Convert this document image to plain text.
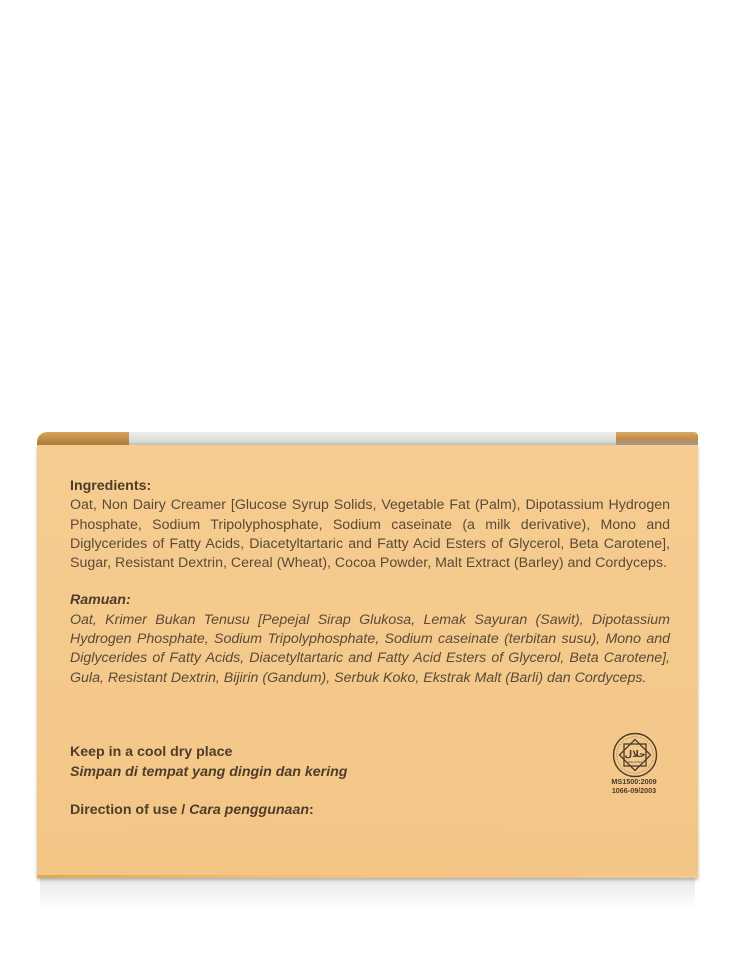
Ingredients:
Oat, Non Dairy Creamer [Glucose Syrup Solids, Vegetable Fat (Palm), Dipotassium Hydrogen Phosphate, Sodium Tripolyphosphate, Sodium caseinate (a milk derivative), Mono and Diglycerides of Fatty Acids, Diacetyltartaric and Fatty Acid Esters of Glycerol, Beta Carotene], Sugar, Resistant Dextrin, Cereal (Wheat), Cocoa Powder, Malt Extract (Barley) and Cordyceps.
Ramuan:
Oat, Krimer Bukan Tenusu [Pepejal Sirap Glukosa, Lemak Sayuran (Sawit), Dipotassium Hydrogen Phosphate, Sodium Tripolyphosphate, Sodium caseinate (terbitan susu), Mono and Diglycerides of Fatty Acids, Diacetyltartaric and Fatty Acid Esters of Glycerol, Beta Carotene], Gula, Resistant Dextrin, Bijirin (Gandum), Serbuk Koko, Ekstrak Malt (Barli) dan Cordyceps.
Keep in a cool dry place
Simpan di tempat yang dingin dan kering
Direction of use / Cara penggunaan:
حلال
MALAYSIA
MS1500:2009
1066-09/2003
